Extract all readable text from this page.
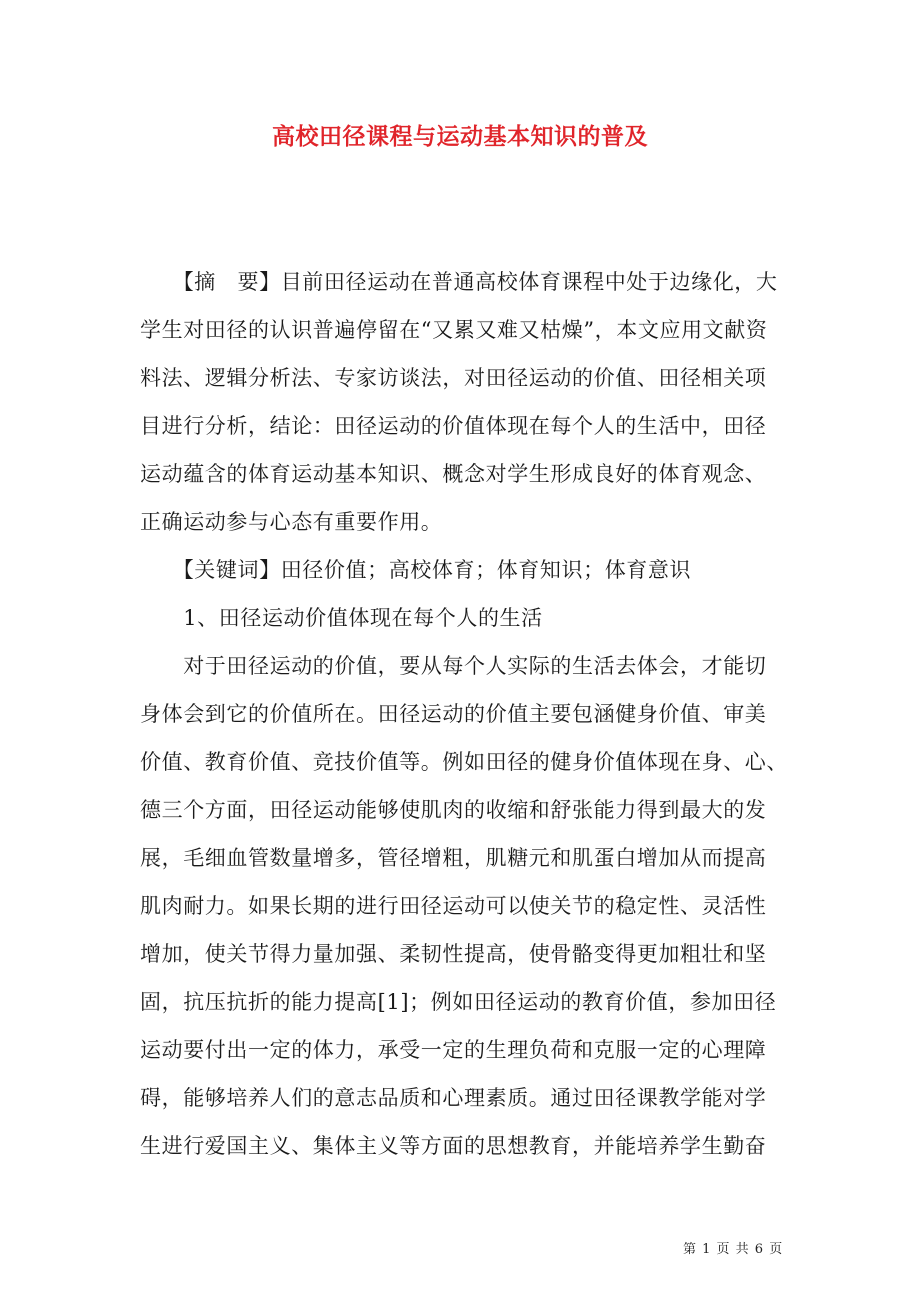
高校田径课程与运动基本知识的普及
　　【摘　要】目前田径运动在普通高校体育课程中处于边缘化，大
学生对田径的认识普遍停留在“又累又难又枯燥”，本文应用文献资
料法、逻辑分析法、专家访谈法，对田径运动的价值、田径相关项
目进行分析，结论：田径运动的价值体现在每个人的生活中，田径
运动蕴含的体育运动基本知识、概念对学生形成良好的体育观念、
正确运动参与心态有重要作用。
　　【关键词】田径价值；高校体育；体育知识；体育意识
　　1、田径运动价值体现在每个人的生活
　　对于田径运动的价值，要从每个人实际的生活去体会，才能切
身体会到它的价值所在。田径运动的价值主要包涵健身价值、审美
价值、教育价值、竞技价值等。例如田径的健身价值体现在身、心、
德三个方面，田径运动能够使肌肉的收缩和舒张能力得到最大的发
展，毛细血管数量增多，管径增粗，肌糖元和肌蛋白增加从而提高
肌肉耐力。如果长期的进行田径运动可以使关节的稳定性、灵活性
增加，使关节得力量加强、柔韧性提高，使骨骼变得更加粗壮和坚
固，抗压抗折的能力提高[1]；例如田径运动的教育价值，参加田径
运动要付出一定的体力，承受一定的生理负荷和克服一定的心理障
碍，能够培养人们的意志品质和心理素质。通过田径课教学能对学
生进行爱国主义、集体主义等方面的思想教育，并能培养学生勤奋
第 1 页 共 6 页
